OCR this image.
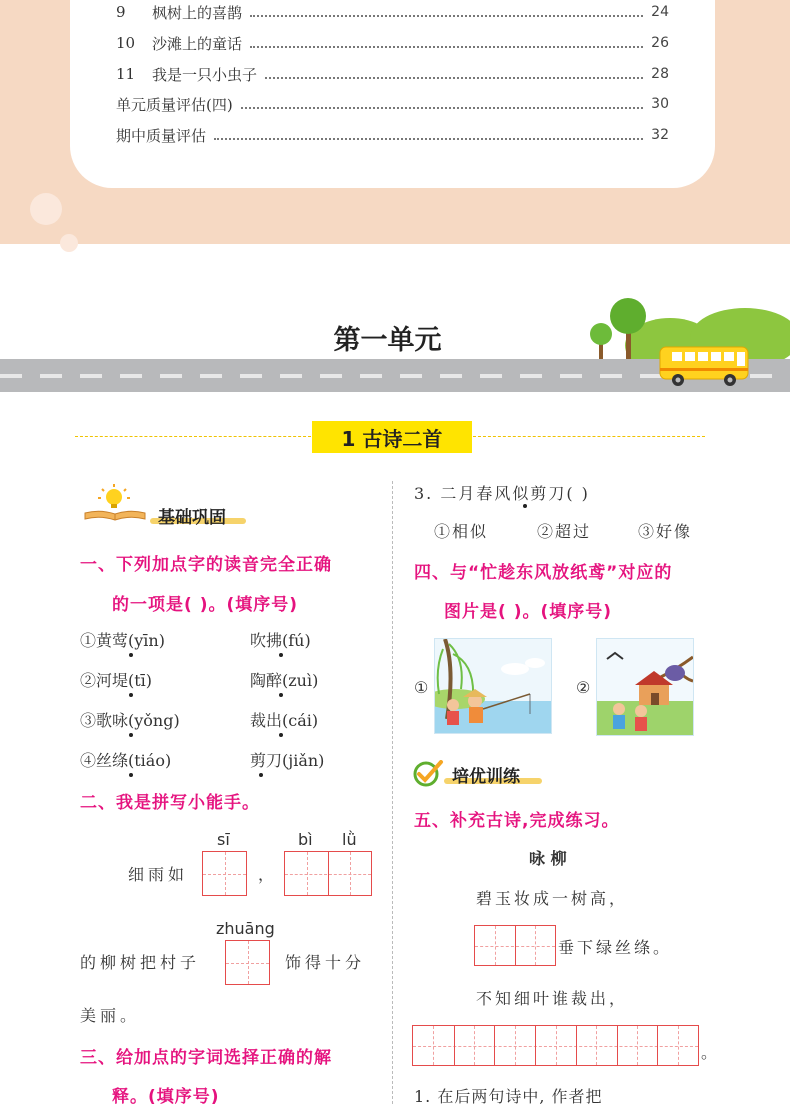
9	枫树上的喜鹊	24
10	沙滩上的童话	26
11	我是一只小虫子	28
单元质量评估(四)	30
期中质量评估	32
第一单元
1 古诗二首
基础巩固
一、下列加点字的读音完全正确
的一项是( )。(填序号)
①黄莺(yīn)	吹拂(fú)
②河堤(tī)	陶醉(zuì)
③歌咏(yǒng)	裁出(cái)
④丝绦(tiáo)	剪刀(jiǎn)
二、我是拼写小能手。
sī	bì lǜ
细雨如	，
zhuāng
的柳树把村子	饰得十分
美丽。
三、给加点的字词选择正确的解
释。(填序号)
3. 二月春风似剪刀( )
①相似	②超过	③好像
四、与“忙趁东风放纸鸢”对应的
图片是( )。(填序号)
①	②
培优训练
五、补充古诗,完成练习。
咏 柳
碧玉妆成一树高，
垂下绿丝绦。
不知细叶谁裁出，
。
1. 在后两句诗中, 作者把
